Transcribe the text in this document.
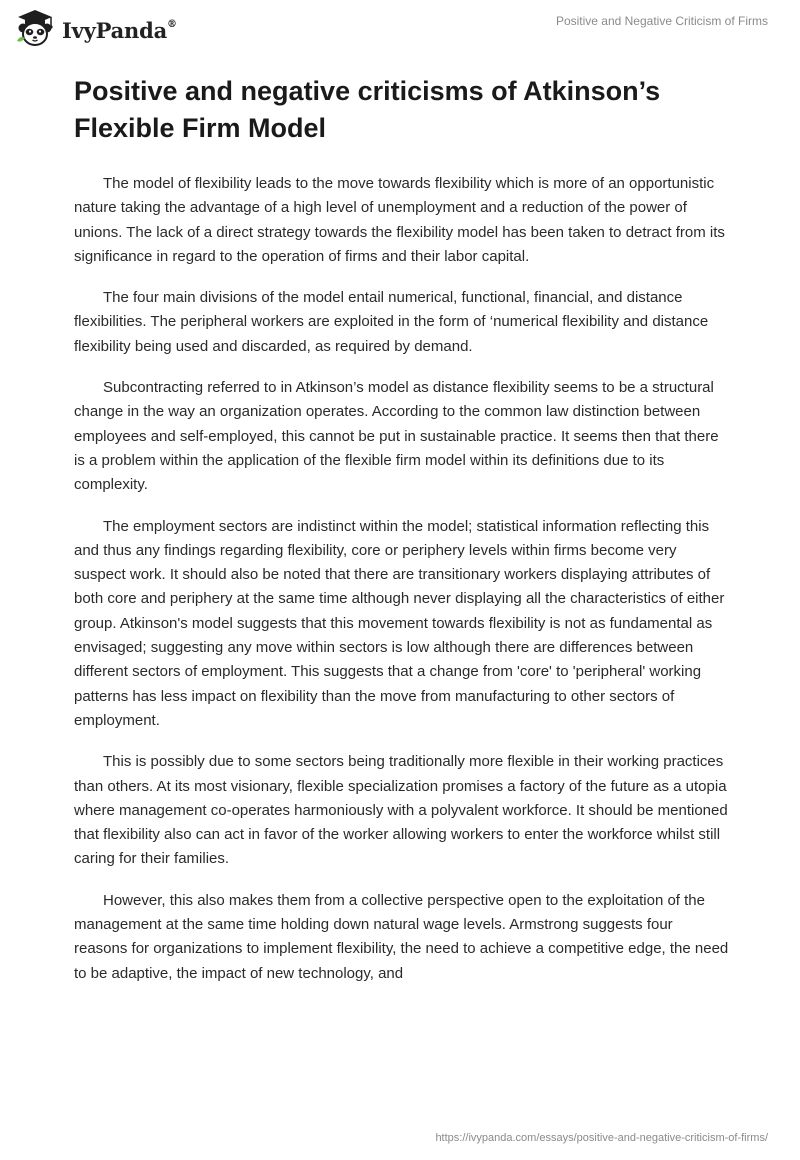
IvyPanda®	Positive and Negative Criticism of Firms
Positive and negative criticisms of Atkinson’s Flexible Firm Model

The model of flexibility leads to the move towards flexibility which is more of an opportunistic nature taking the advantage of a high level of unemployment and a reduction of the power of unions. The lack of a direct strategy towards the flexibility model has been taken to detract from its significance in regard to the operation of firms and their labor capital.

The four main divisions of the model entail numerical, functional, financial, and distance flexibilities. The peripheral workers are exploited in the form of ‘numerical flexibility and distance flexibility being used and discarded, as required by demand.

Subcontracting referred to in Atkinson’s model as distance flexibility seems to be a structural change in the way an organization operates. According to the common law distinction between employees and self-employed, this cannot be put in sustainable practice. It seems then that there is a problem within the application of the flexible firm model within its definitions due to its complexity.

The employment sectors are indistinct within the model; statistical information reflecting this and thus any findings regarding flexibility, core or periphery levels within firms become very suspect work. It should also be noted that there are transitionary workers displaying attributes of both core and periphery at the same time although never displaying all the characteristics of either group. Atkinson's model suggests that this movement towards flexibility is not as fundamental as envisaged; suggesting any move within sectors is low although there are differences between different sectors of employment. This suggests that a change from 'core' to 'peripheral' working patterns has less impact on flexibility than the move from manufacturing to other sectors of employment.

This is possibly due to some sectors being traditionally more flexible in their working practices than others. At its most visionary, flexible specialization promises a factory of the future as a utopia where management co-operates harmoniously with a polyvalent workforce. It should be mentioned that flexibility also can act in favor of the worker allowing workers to enter the workforce whilst still caring for their families.

However, this also makes them from a collective perspective open to the exploitation of the management at the same time holding down natural wage levels. Armstrong suggests four reasons for organizations to implement flexibility, the need to achieve a competitive edge, the need to be adaptive, the impact of new technology, and

https://ivypanda.com/essays/positive-and-negative-criticism-of-firms/
